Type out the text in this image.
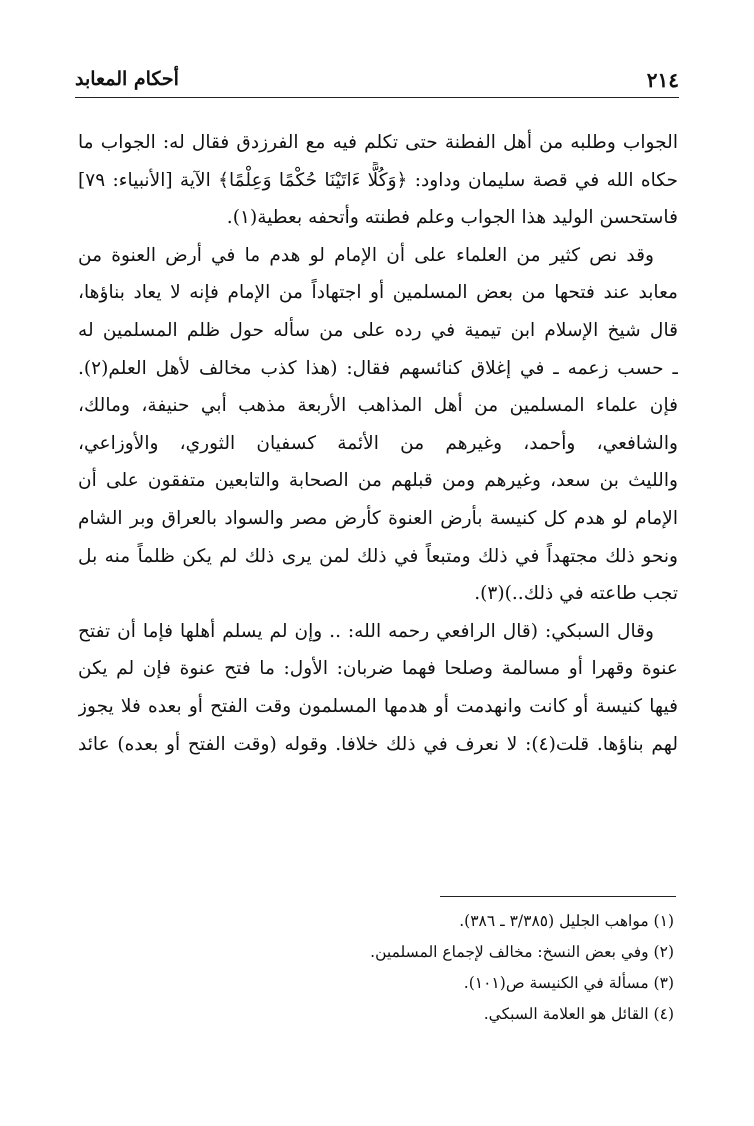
٢١٤
أحكام المعابد
الجواب وطلبه من أهل الفطنة حتى تكلم فيه مع الفرزدق فقال له: الجواب ما
حكاه الله في قصة سليمان وداود: ﴿وَكُلًّا ءَاتَيْنَا حُكْمًا وَعِلْمًا﴾ الآية [الأنبياء: ٧٩]
فاستحسن الوليد هذا الجواب وعلم فطنته وأتحفه بعطية(١).
وقد نص كثير من العلماء على أن الإمام لو هدم ما في أرض العنوة من
معابد عند فتحها من بعض المسلمين أو اجتهاداً من الإمام فإنه لا يعاد بناؤها،
قال شيخ الإسلام ابن تيمية في رده على من سأله حول ظلم المسلمين له
ـ حسب زعمه ـ في إغلاق كنائسهم فقال: (هذا كذب مخالف لأهل العلم(٢).
فإن علماء المسلمين من أهل المذاهب الأربعة مذهب أبي حنيفة، ومالك،
والشافعي، وأحمد، وغيرهم من الأئمة كسفيان الثوري، والأوزاعي،
والليث بن سعد، وغيرهم ومن قبلهم من الصحابة والتابعين متفقون على أن
الإمام لو هدم كل كنيسة بأرض العنوة كأرض مصر والسواد بالعراق وبر الشام
ونحو ذلك مجتهداً في ذلك ومتبعاً في ذلك لمن يرى ذلك لم يكن ظلماً منه بل
تجب طاعته في ذلك..)(٣).
وقال السبكي: (قال الرافعي رحمه الله: .. وإن لم يسلم أهلها فإما أن تفتح
عنوة وقهرا أو مسالمة وصلحا فهما ضربان: الأول: ما فتح عنوة فإن لم يكن
فيها كنيسة أو كانت وانهدمت أو هدمها المسلمون وقت الفتح أو بعده فلا يجوز
لهم بناؤها. قلت(٤): لا نعرف في ذلك خلافا. وقوله (وقت الفتح أو بعده) عائد
(١) مواهب الجليل (٣/٣٨٥ ـ ٣٨٦).
(٢) وفي بعض النسخ: مخالف لإجماع المسلمين.
(٣) مسألة في الكنيسة ص(١٠١).
(٤) القائل هو العلامة السبكي.
